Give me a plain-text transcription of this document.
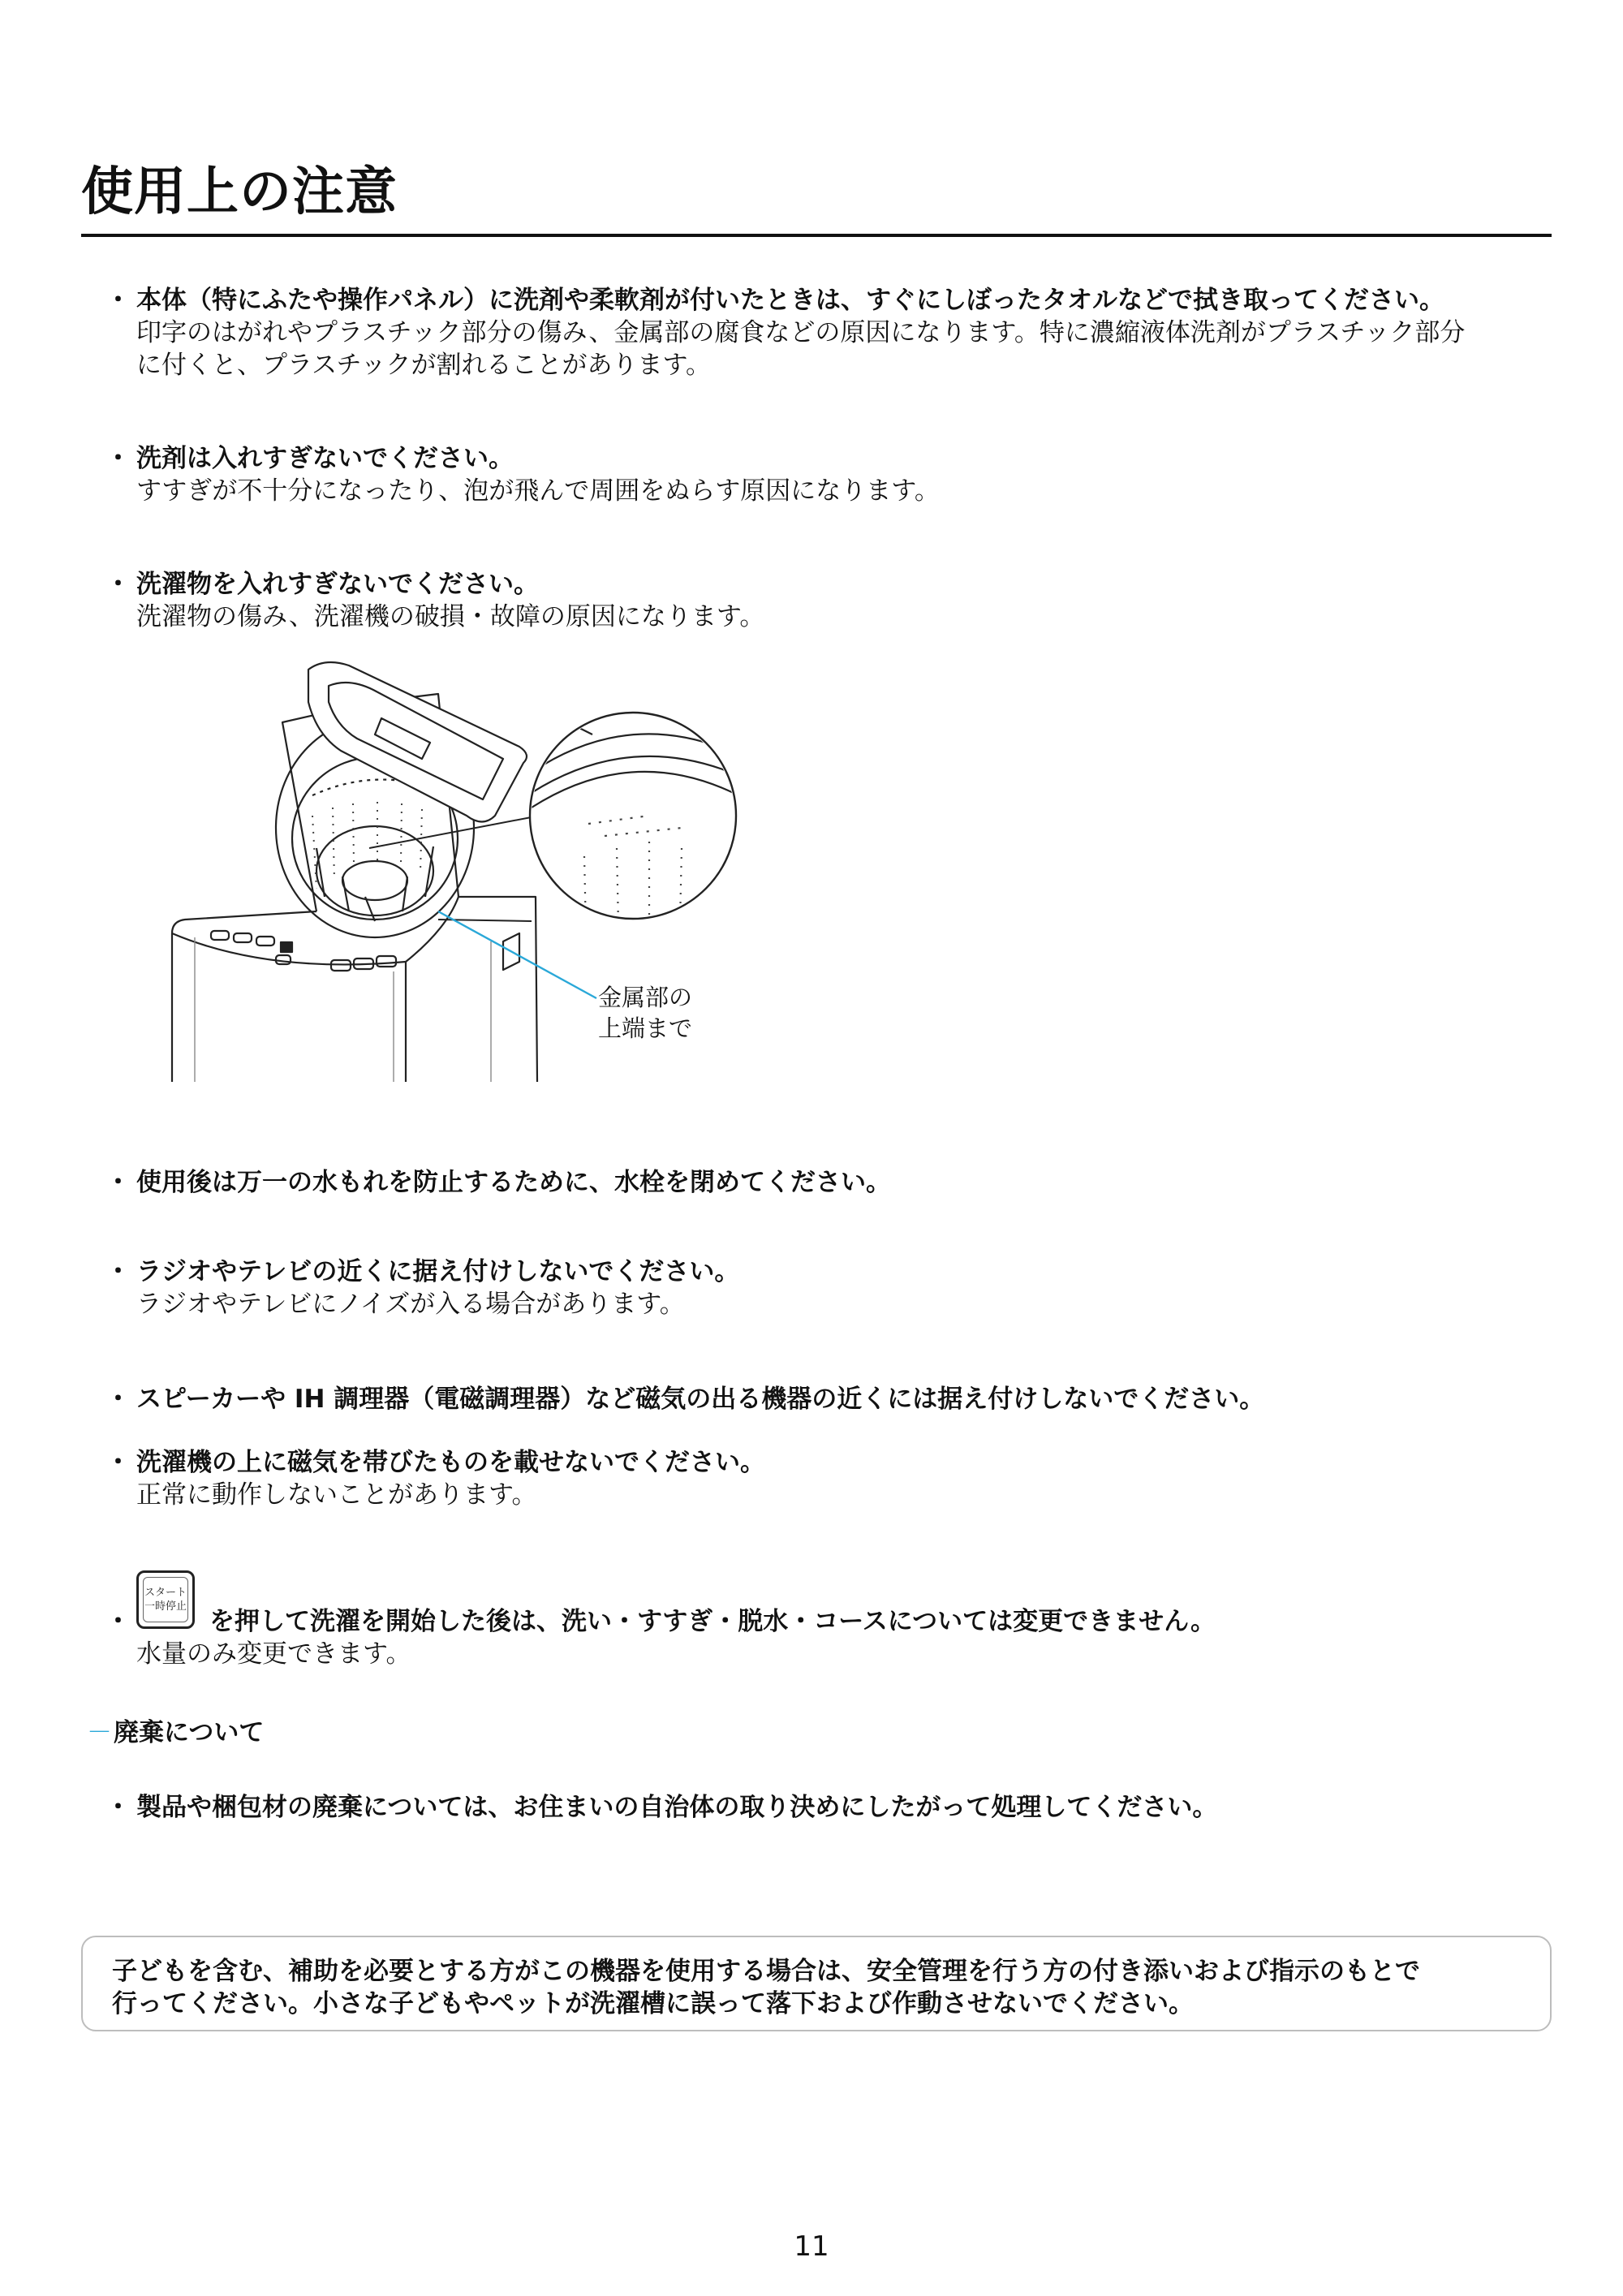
使用上の注意
・ 本体（特にふたや操作パネル）に洗剤や柔軟剤が付いたときは、すぐにしぼったタオルなどで拭き取ってください。
印字のはがれやプラスチック部分の傷み、金属部の腐食などの原因になります。特に濃縮液体洗剤がプラスチック部分
に付くと、プラスチックが割れることがあります。
・ 洗剤は入れすぎないでください。
すすぎが不十分になったり、泡が飛んで周囲をぬらす原因になります。
・ 洗濯物を入れすぎないでください。
洗濯物の傷み、洗濯機の破損・故障の原因になります。
金属部の
上端まで
・ 使用後は万一の水もれを防止するために、水栓を閉めてください。
・ ラジオやテレビの近くに据え付けしないでください。
ラジオやテレビにノイズが入る場合があります。
・ スピーカーや IH 調理器（電磁調理器）など磁気の出る機器の近くには据え付けしないでください。
・ 洗濯機の上に磁気を帯びたものを載せないでください。
正常に動作しないことがあります。
スタート
一時停止
・	を押して洗濯を開始した後は、洗い・すすぎ・脱水・コースについては変更できません。
水量のみ変更できます。
－廃棄について
・ 製品や梱包材の廃棄については、お住まいの自治体の取り決めにしたがって処理してください。
子どもを含む、補助を必要とする方がこの機器を使用する場合は、安全管理を行う方の付き添いおよび指示のもとで
行ってください。小さな子どもやペットが洗濯槽に誤って落下および作動させないでください。
11
